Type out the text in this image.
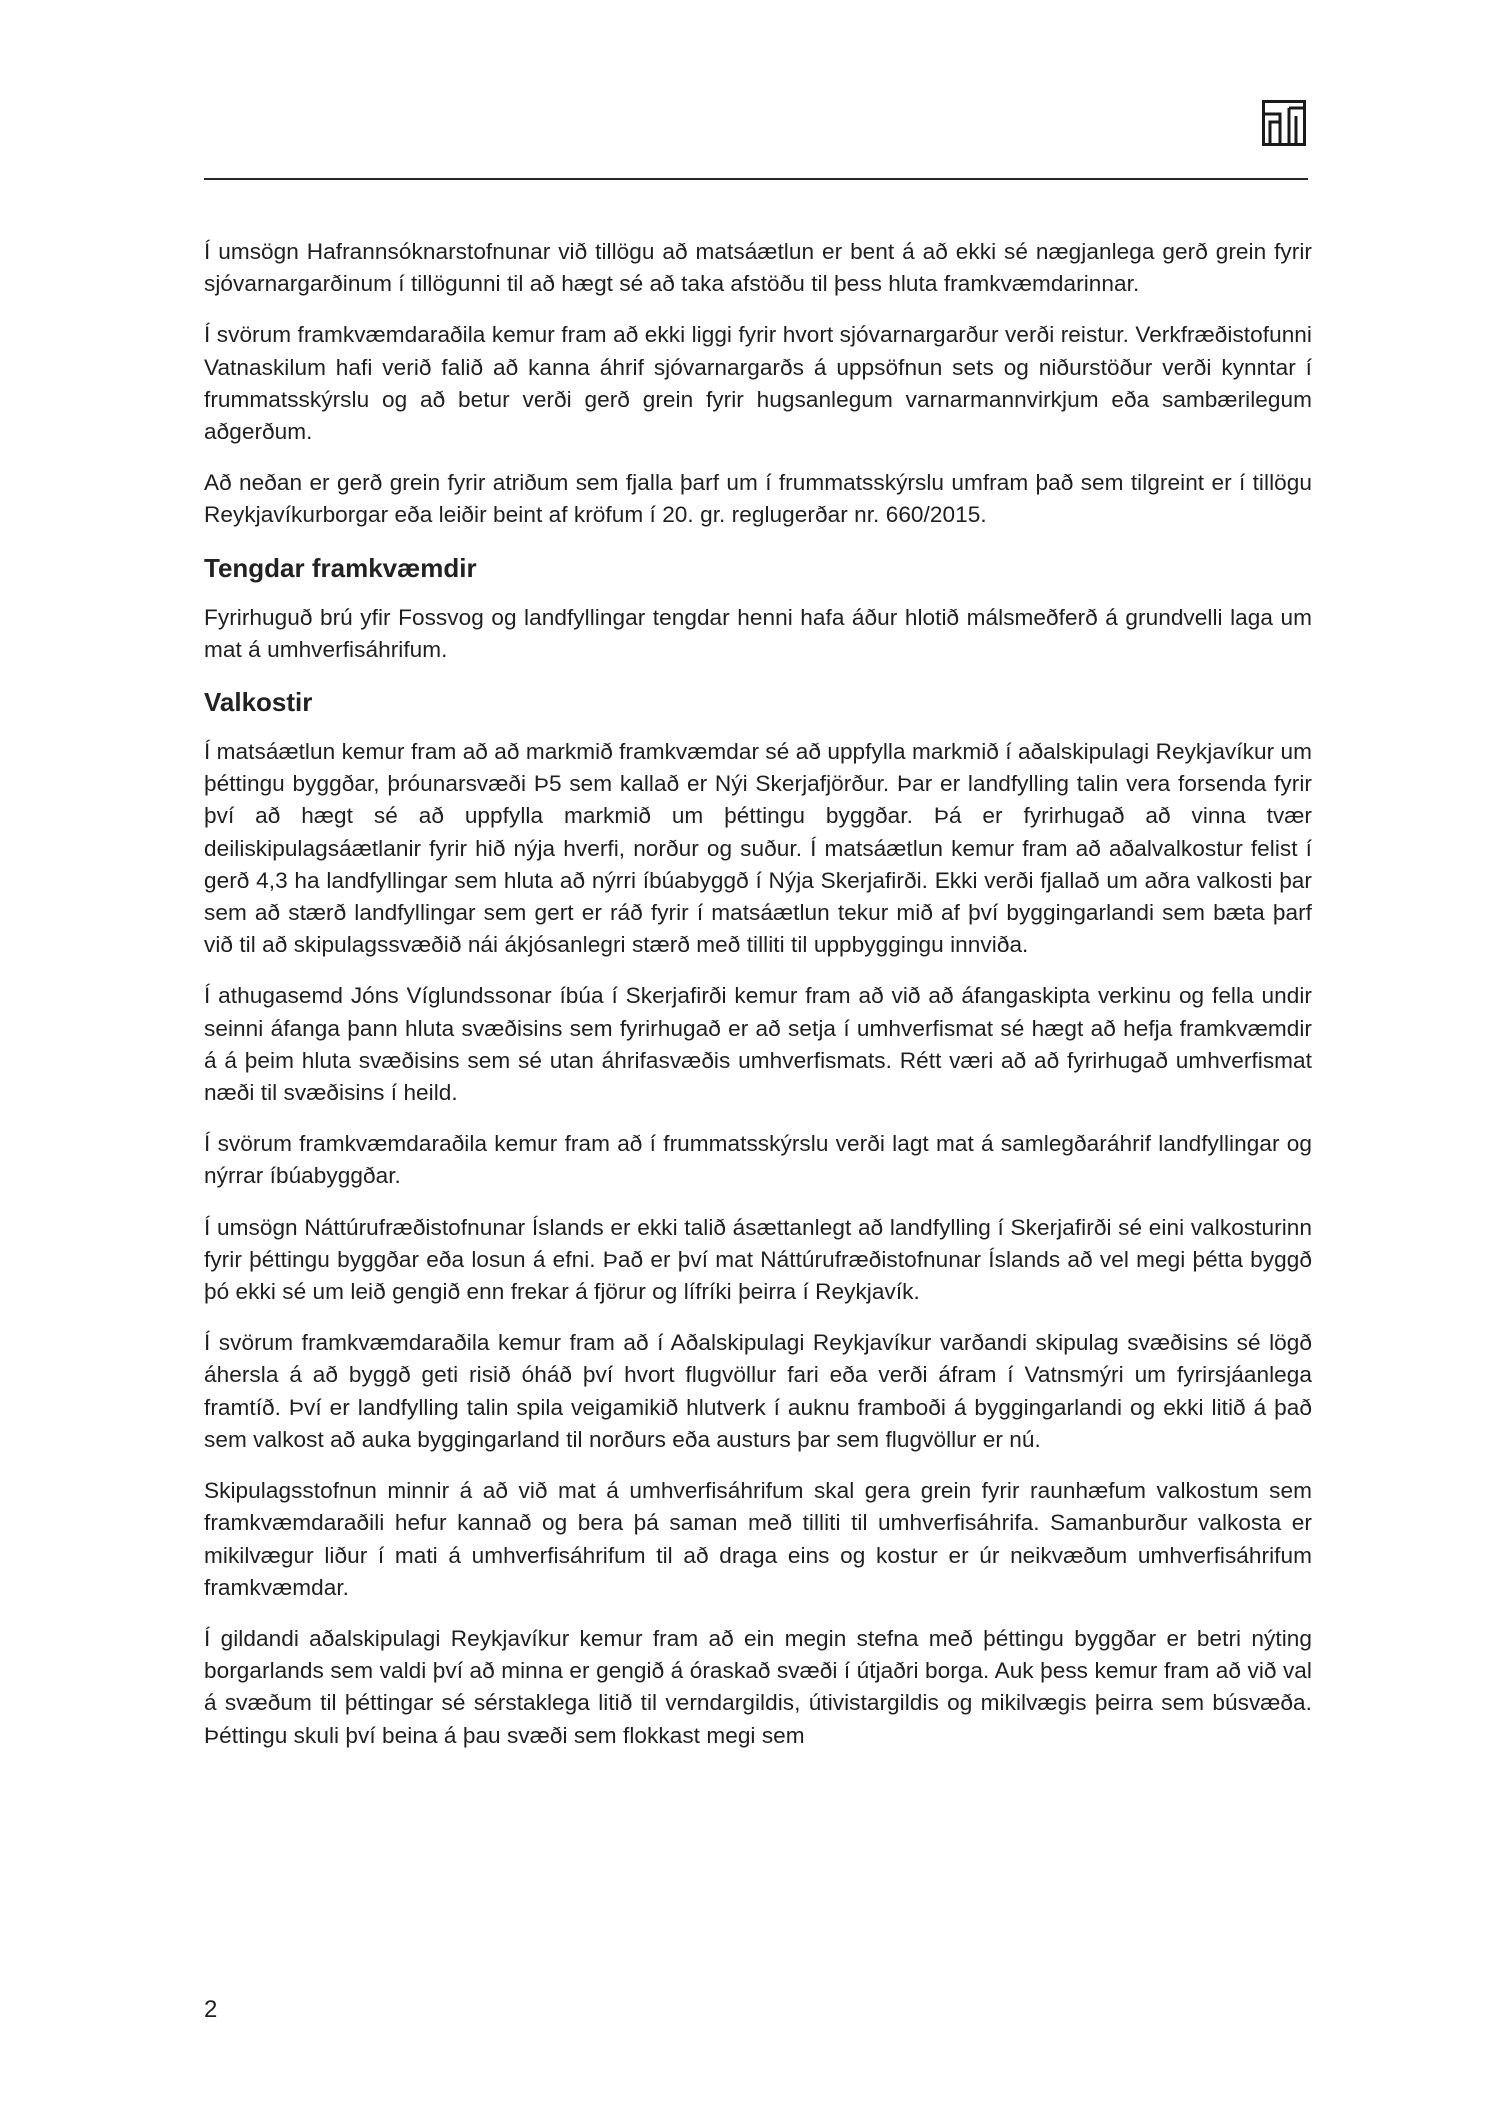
Í umsögn Hafrannsóknarstofnunar við tillögu að matsáætlun er bent á að ekki sé nægjanlega gerð grein fyrir sjóvarnargarðinum í tillögunni til að hægt sé að taka afstöðu til þess hluta framkvæmdarinnar.

Í svörum framkvæmdaraðila kemur fram að ekki liggi fyrir hvort sjóvarnargarður verði reistur. Verkfræðistofunni Vatnaskilum hafi verið falið að kanna áhrif sjóvarnargarðs á uppsöfnun sets og niðurstöður verði kynntar í frummatsskýrslu og að betur verði gerð grein fyrir hugsanlegum varnarmannvirkjum eða sambærilegum aðgerðum.

Að neðan er gerð grein fyrir atriðum sem fjalla þarf um í frummatsskýrslu umfram það sem tilgreint er í tillögu Reykjavíkurborgar eða leiðir beint af kröfum í 20. gr. reglugerðar nr. 660/2015.

Tengdar framkvæmdir

Fyrirhuguð brú yfir Fossvog og landfyllingar tengdar henni hafa áður hlotið málsmeðferð á grundvelli laga um mat á umhverfisáhrifum.

Valkostir

Í matsáætlun kemur fram að að markmið framkvæmdar sé að uppfylla markmið í aðalskipulagi Reykjavíkur um þéttingu byggðar, þróunarsvæði Þ5 sem kallað er Nýi Skerjafjörður. Þar er landfylling talin vera forsenda fyrir því að hægt sé að uppfylla markmið um þéttingu byggðar. Þá er fyrirhugað að vinna tvær deiliskipulagsáætlanir fyrir hið nýja hverfi, norður og suður. Í matsáætlun kemur fram að aðalvalkostur felist í gerð 4,3 ha landfyllingar sem hluta að nýrri íbúabyggð í Nýja Skerjafirði. Ekki verði fjallað um aðra valkosti þar sem að stærð landfyllingar sem gert er ráð fyrir í matsáætlun tekur mið af því byggingarlandi sem bæta þarf við til að skipulagssvæðið nái ákjósanlegri stærð með tilliti til uppbyggingu innviða.

Í athugasemd Jóns Víglundssonar íbúa í Skerjafirði kemur fram að við að áfangaskipta verkinu og fella undir seinni áfanga þann hluta svæðisins sem fyrirhugað er að setja í umhverfismat sé hægt að hefja framkvæmdir á á þeim hluta svæðisins sem sé utan áhrifasvæðis umhverfismats. Rétt væri að að fyrirhugað umhverfismat næði til svæðisins í heild.

Í svörum framkvæmdaraðila kemur fram að í frummatsskýrslu verði lagt mat á samlegðaráhrif landfyllingar og nýrrar íbúabyggðar.

Í umsögn Náttúrufræðistofnunar Íslands er ekki talið ásættanlegt að landfylling í Skerjafirði sé eini valkosturinn fyrir þéttingu byggðar eða losun á efni. Það er því mat Náttúrufræðistofnunar Íslands að vel megi þétta byggð þó ekki sé um leið gengið enn frekar á fjörur og lífríki þeirra í Reykjavík.

Í svörum framkvæmdaraðila kemur fram að í Aðalskipulagi Reykjavíkur varðandi skipulag svæðisins sé lögð áhersla á að byggð geti risið óháð því hvort flugvöllur fari eða verði áfram í Vatnsmýri um fyrirsjáanlega framtíð. Því er landfylling talin spila veigamikið hlutverk í auknu framboði á byggingarlandi og ekki litið á það sem valkost að auka byggingarland til norðurs eða austurs þar sem flugvöllur er nú.

Skipulagsstofnun minnir á að við mat á umhverfisáhrifum skal gera grein fyrir raunhæfum valkostum sem framkvæmdaraðili hefur kannað og bera þá saman með tilliti til umhverfisáhrifa. Samanburður valkosta er mikilvægur liður í mati á umhverfisáhrifum til að draga eins og kostur er úr neikvæðum umhverfisáhrifum framkvæmdar.

Í gildandi aðalskipulagi Reykjavíkur kemur fram að ein megin stefna með þéttingu byggðar er betri nýting borgarlands sem valdi því að minna er gengið á óraskað svæði í útjaðri borga. Auk þess kemur fram að við val á svæðum til þéttingar sé sérstaklega litið til verndargildis, útivistargildis og mikilvægis þeirra sem búsvæða. Þéttingu skuli því beina á þau svæði sem flokkast megi sem

2
